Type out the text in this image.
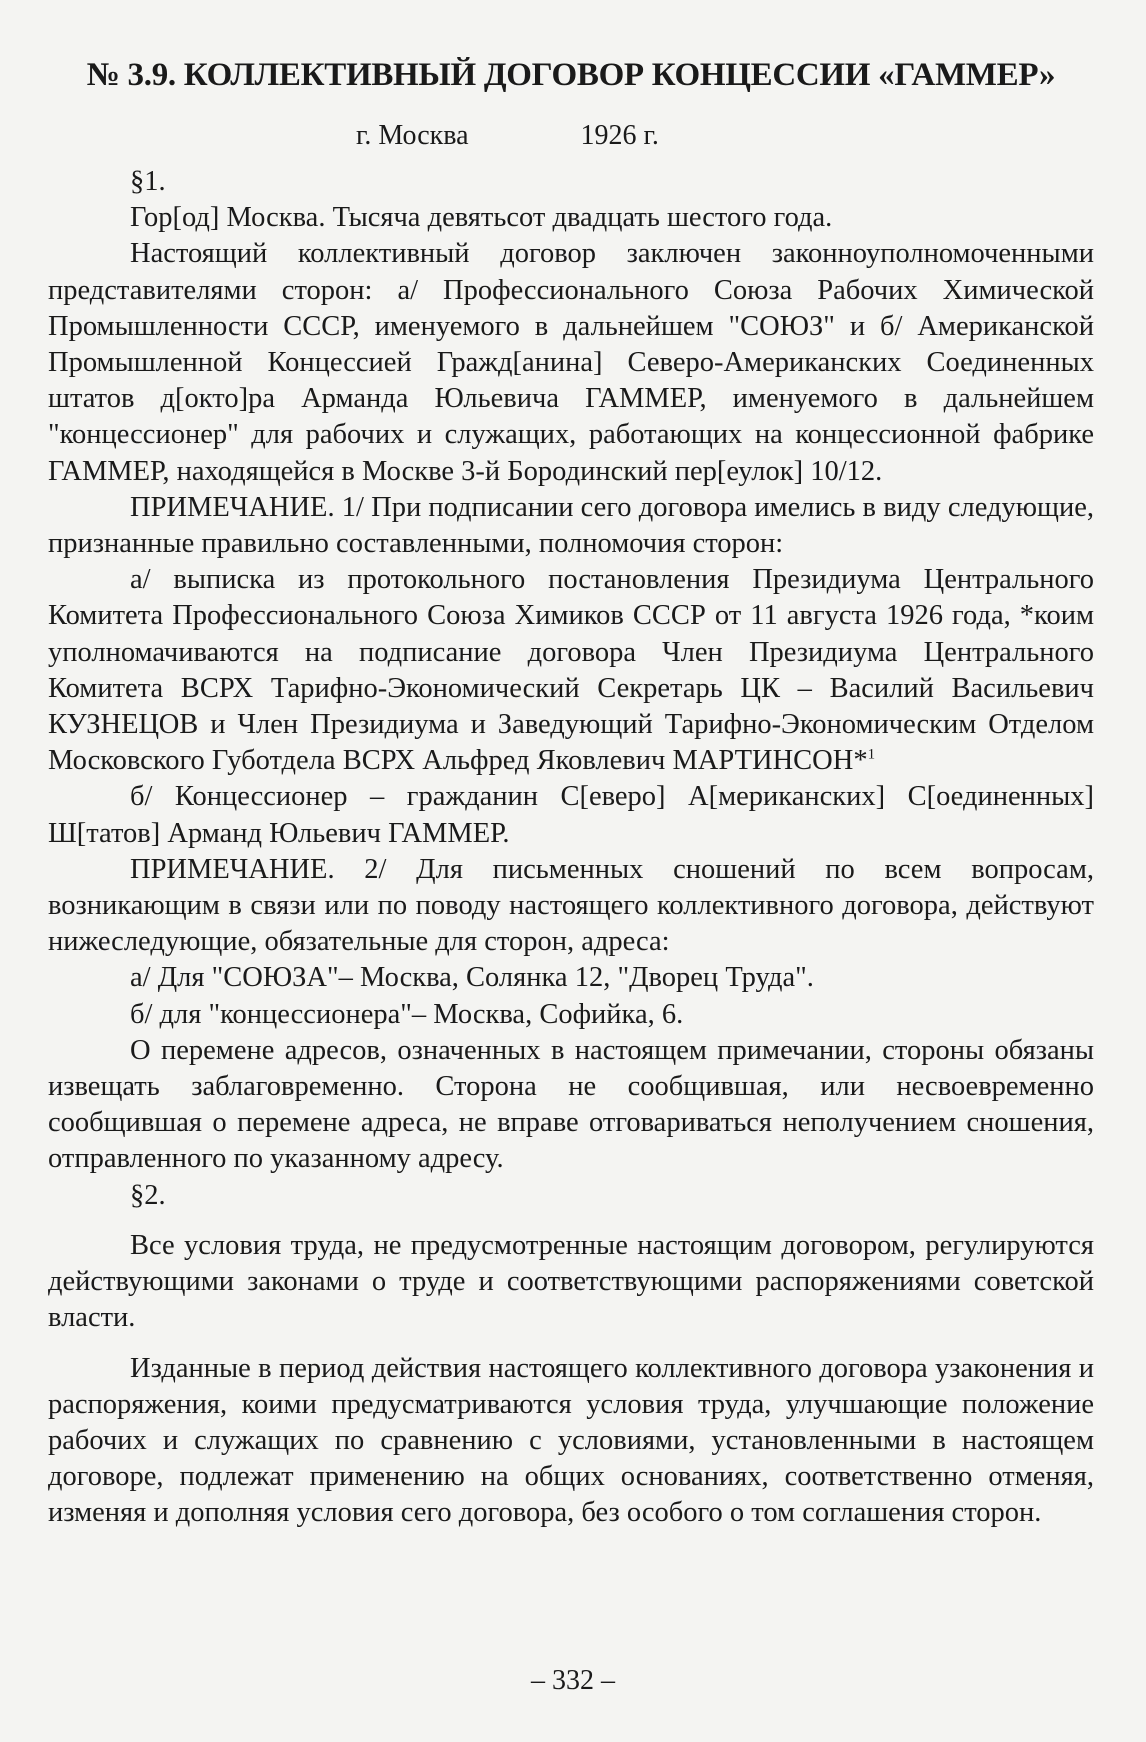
№ 3.9. КОЛЛЕКТИВНЫЙ ДОГОВОР КОНЦЕССИИ «ГАММЕР»
г. Москва	1926 г.

§1.

Гор[од] Москва. Тысяча девятьсот двадцать шестого года.

Настоящий коллективный договор заключен законноуполномоченными представителями сторон: а/ Профессионального Союза Рабочих Химической Промышленности СССР, именуемого в дальнейшем "СОЮЗ" и б/ Американской Промышленной Концессией Гражд[анина] Северо-Американских Соединенных штатов д[окто]ра Арманда Юльевича ГАММЕР, именуемого в дальнейшем "концессионер" для рабочих и служащих, работающих на концессионной фабрике ГАММЕР, находящейся в Москве 3-й Бородинский пер[еулок] 10/12.

ПРИМЕЧАНИЕ. 1/ При подписании сего договора имелись в виду следующие, признанные правильно составленными, полномочия сторон:

а/ выписка из протокольного постановления Президиума Центрального Комитета Профессионального Союза Химиков СССР от 11 августа 1926 года, *коим уполномачиваются на подписание договора Член Президиума Центрального Комитета ВСРХ Тарифно-Экономический Секретарь ЦК – Василий Васильевич КУЗНЕЦОВ и Член Президиума и Заведующий Тарифно-Экономическим Отделом Московского Губотдела ВСРХ Альфред Яковлевич МАРТИНСОН*$^1$

б/ Концессионер – гражданин С[еверо] А[мериканских] С[оединенных] Ш[татов] Арманд Юльевич ГАММЕР.

ПРИМЕЧАНИЕ. 2/ Для письменных сношений по всем вопросам, возникающим в связи или по поводу настоящего коллективного договора, действуют нижеследующие, обязательные для сторон, адреса:

а/ Для "СОЮЗА"– Москва, Солянка 12, "Дворец Труда".

б/ для "концессионера"– Москва, Софийка, 6.

О перемене адресов, означенных в настоящем примечании, стороны обязаны извещать заблаговременно. Сторона не сообщившая, или несвоевременно сообщившая о перемене адреса, не вправе отговариваться неполучением сношения, отправленного по указанному адресу.

§2.

Все условия труда, не предусмотренные настоящим договором, регулируются действующими законами о труде и соответствующими распоряжениями советской власти.

Изданные в период действия настоящего коллективного договора узаконения и распоряжения, коими предусматриваются условия труда, улучшающие положение рабочих и служащих по сравнению с условиями, установленными в настоящем договоре, подлежат применению на общих основаниях, соответственно отменяя, изменяя и дополняя условия сего договора, без особого о том соглашения сторон.

– 332 –
